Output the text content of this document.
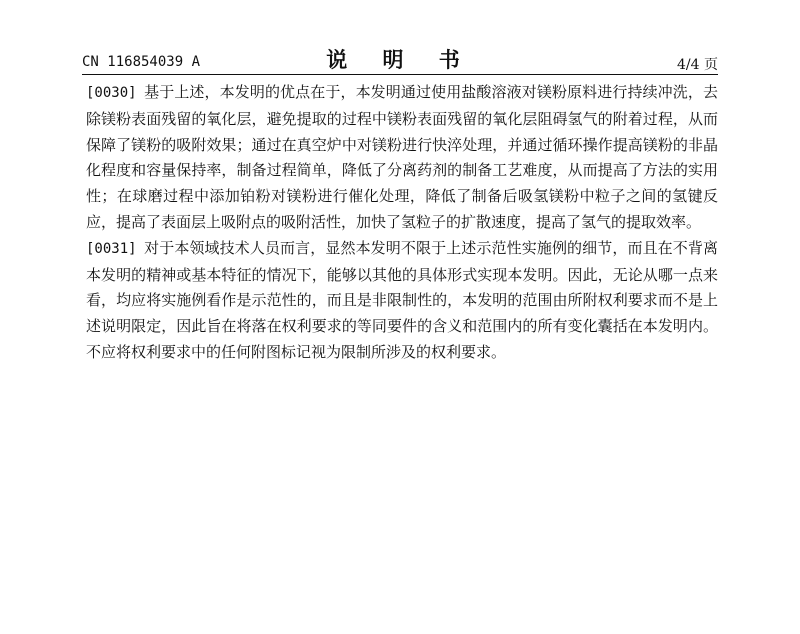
CN 116854039 A	说 明 书	4/4 页

[0030] 基于上述，本发明的优点在于，本发明通过使用盐酸溶液对镁粉原料进行持续冲洗，去除镁粉表面残留的氧化层，避免提取的过程中镁粉表面残留的氧化层阻碍氢气的附着过程，从而保障了镁粉的吸附效果；通过在真空炉中对镁粉进行快淬处理，并通过循环操作提高镁粉的非晶化程度和容量保持率，制备过程简单，降低了分离药剂的制备工艺难度，从而提高了方法的实用性；在球磨过程中添加铂粉对镁粉进行催化处理，降低了制备后吸氢镁粉中粒子之间的氢键反应，提高了表面层上吸附点的吸附活性，加快了氢粒子的扩散速度，提高了氢气的提取效率。

[0031] 对于本领域技术人员而言，显然本发明不限于上述示范性实施例的细节，而且在不背离本发明的精神或基本特征的情况下，能够以其他的具体形式实现本发明。因此，无论从哪一点来看，均应将实施例看作是示范性的，而且是非限制性的，本发明的范围由所附权利要求而不是上述说明限定，因此旨在将落在权利要求的等同要件的含义和范围内的所有变化囊括在本发明内。不应将权利要求中的任何附图标记视为限制所涉及的权利要求。
